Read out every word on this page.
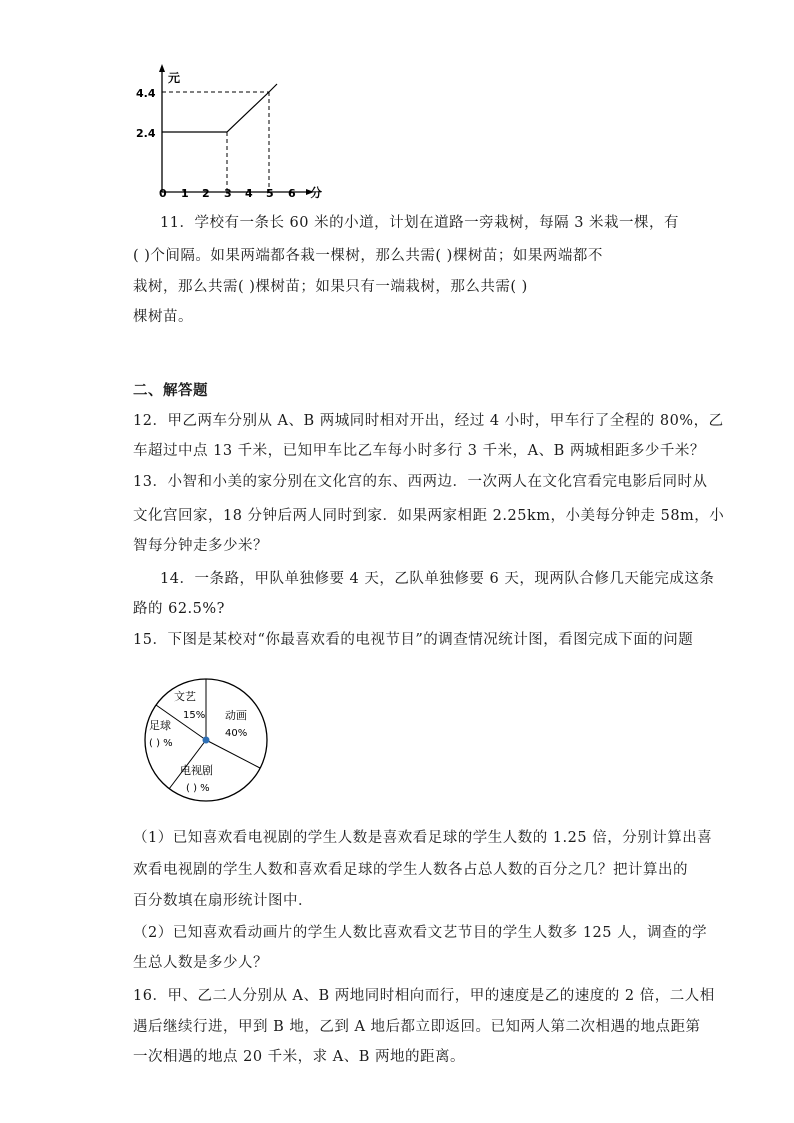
元
分
4.4
2.4
0 1 2 3 4 5 6
11．学校有一条长 60 米的小道，计划在道路一旁栽树，每隔 3 米栽一棵，有
( )个间隔。如果两端都各栽一棵树，那么共需( )棵树苗；如果两端都不
栽树，那么共需( )棵树苗；如果只有一端栽树，那么共需( )
棵树苗。
二、解答题
12．甲乙两车分别从 A、B 两城同时相对开出，经过 4 小时，甲车行了全程的 80%，乙
车超过中点 13 千米，已知甲车比乙车每小时多行 3 千米，A、B 两城相距多少千米？
13．小智和小美的家分别在文化宫的东、西两边．一次两人在文化宫看完电影后同时从
文化宫回家，18 分钟后两人同时到家．如果两家相距 2.25km，小美每分钟走 58m，小
智每分钟走多少米？
14．一条路，甲队单独修要 4 天，乙队单独修要 6 天，现两队合修几天能完成这条
路的 62.5%?
15．下图是某校对“你最喜欢看的电视节目”的调查情况统计图，看图完成下面的问题
文艺
15% 动画
40%
足球
( ) %
电视剧
( ) %
（1）已知喜欢看电视剧的学生人数是喜欢看足球的学生人数的 1.25 倍，分别计算出喜
欢看电视剧的学生人数和喜欢看足球的学生人数各占总人数的百分之几？把计算出的
百分数填在扇形统计图中．
（2）已知喜欢看动画片的学生人数比喜欢看文艺节目的学生人数多 125 人，调查的学
生总人数是多少人？
16．甲、乙二人分别从 A、B 两地同时相向而行，甲的速度是乙的速度的 2 倍，二人相
遇后继续行进，甲到 B 地，乙到 A 地后都立即返回。已知两人第二次相遇的地点距第
一次相遇的地点 20 千米，求 A、B 两地的距离。
